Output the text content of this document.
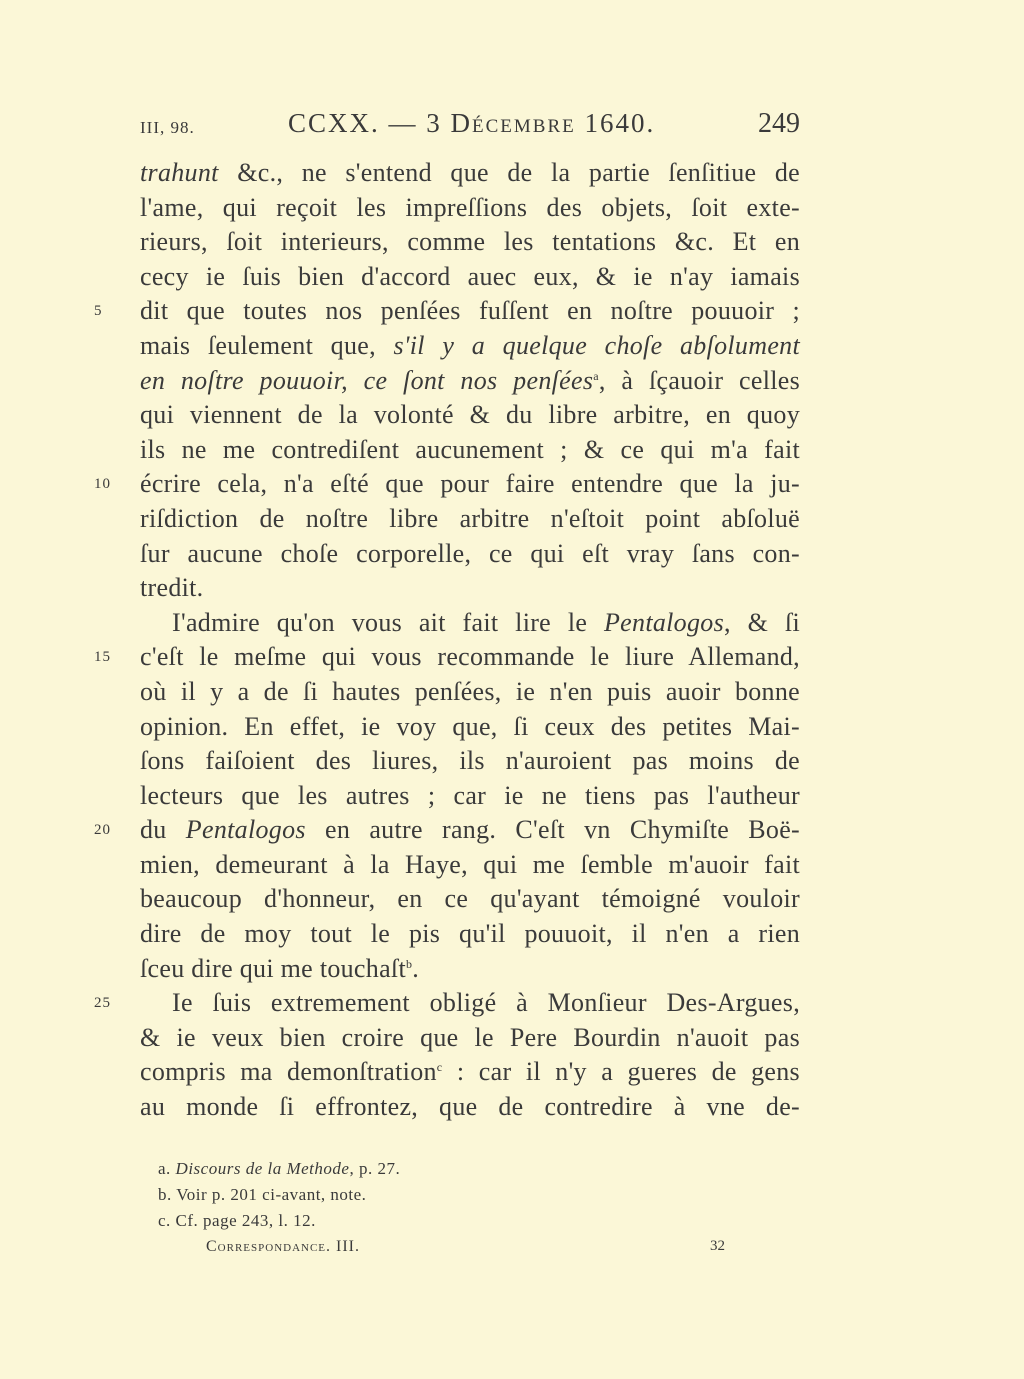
III, 98.	CCXX. — 3 Décembre 1640.	249
trahunt &c., ne s'entend que de la partie ſenſitiue de
l'ame, qui reçoit les impreſſions des objets, ſoit exte-
rieurs, ſoit interieurs, comme les tentations &c. Et en
cecy ie ſuis bien d'accord auec eux, & ie n'ay iamais
5	dit que toutes nos penſées fuſſent en noſtre pouuoir ;
mais ſeulement que, s'il y a quelque choſe abſolument
en noſtre pouuoir, ce ſont nos penſées$^a$, à ſçauoir celles
qui viennent de la volonté & du libre arbitre, en quoy
ils ne me contrediſent aucunement ; & ce qui m'a fait
10	écrire cela, n'a eſté que pour faire entendre que la ju-
riſdiction de noſtre libre arbitre n'eſtoit point abſoluë
ſur aucune choſe corporelle, ce qui eſt vray ſans con-
tredit.
I'admire qu'on vous ait fait lire le Pentalogos, & ſi
15	c'eſt le meſme qui vous recommande le liure Allemand,
où il y a de ſi hautes penſées, ie n'en puis auoir bonne
opinion. En effet, ie voy que, ſi ceux des petites Mai-
ſons faiſoient des liures, ils n'auroient pas moins de
lecteurs que les autres ; car ie ne tiens pas l'autheur
20	du Pentalogos en autre rang. C'eſt vn Chymiſte Boë-
mien, demeurant à la Haye, qui me ſemble m'auoir fait
beaucoup d'honneur, en ce qu'ayant témoigné vouloir
dire de moy tout le pis qu'il pouuoit, il n'en a rien
ſceu dire qui me touchaſt$^b$.
25	Ie ſuis extremement obligé à Monſieur Des-Argues,
& ie veux bien croire que le Pere Bourdin n'auoit pas
compris ma demonſtration$^c$ : car il n'y a gueres de gens
au monde ſi effrontez, que de contredire à vne de-
a. Discours de la Methode, p. 27.
b. Voir p. 201 ci-avant, note.
c. Cf. page 243, l. 12.
Correspondance. III.	32
